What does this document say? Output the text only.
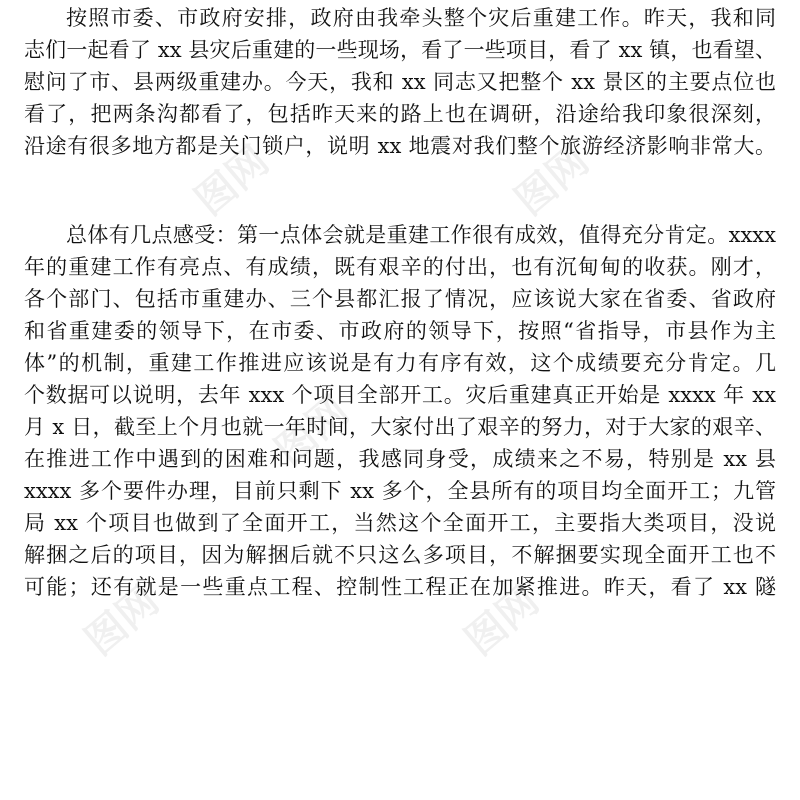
图网	图网
图网
图网	图网
按照市委、市政府安排，政府由我牵头整个灾后重建工作。昨天，我和同
志们一起看了 xx 县灾后重建的一些现场，看了一些项目，看了 xx 镇，也看望、
慰问了市、县两级重建办。今天，我和 xx 同志又把整个 xx 景区的主要点位也
看了，把两条沟都看了，包括昨天来的路上也在调研，沿途给我印象很深刻，
沿途有很多地方都是关门锁户，说明 xx 地震对我们整个旅游经济影响非常大。
总体有几点感受：第一点体会就是重建工作很有成效，值得充分肯定。xxxx
年的重建工作有亮点、有成绩，既有艰辛的付出，也有沉甸甸的收获。刚才，
各个部门、包括市重建办、三个县都汇报了情况，应该说大家在省委、省政府
和省重建委的领导下，在市委、市政府的领导下，按照“省指导，市县作为主
体”的机制，重建工作推进应该说是有力有序有效，这个成绩要充分肯定。几
个数据可以说明，去年 xxx 个项目全部开工。灾后重建真正开始是 xxxx 年 xx
月 x 日，截至上个月也就一年时间，大家付出了艰辛的努力，对于大家的艰辛、
在推进工作中遇到的困难和问题，我感同身受，成绩来之不易，特别是 xx 县
xxxx 多个要件办理，目前只剩下 xx 多个，全县所有的项目均全面开工；九管
局 xx 个项目也做到了全面开工，当然这个全面开工，主要指大类项目，没说
解捆之后的项目，因为解捆后就不只这么多项目，不解捆要实现全面开工也不
可能；还有就是一些重点工程、控制性工程正在加紧推进。昨天，看了 xx 隧
